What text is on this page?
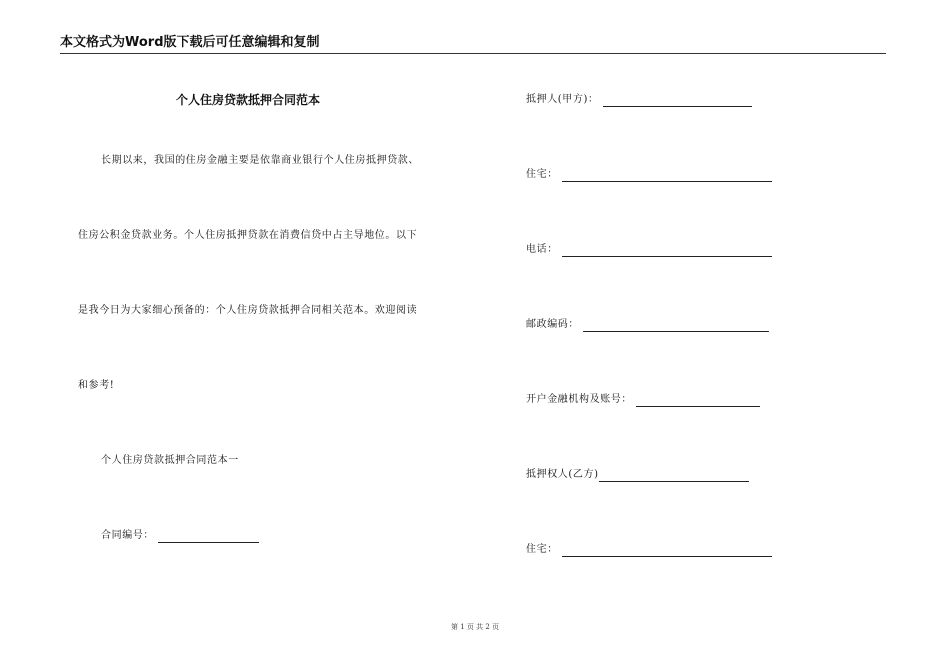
本文格式为Word版下载后可任意编辑和复制
个人住房贷款抵押合同范本
长期以来，我国的住房金融主要是依靠商业银行个人住房抵押贷款、
住房公积金贷款业务。个人住房抵押贷款在消费信贷中占主导地位。以下
是我今日为大家细心预备的：个人住房贷款抵押合同相关范本。欢迎阅读
和参考!
个人住房贷款抵押合同范本一
合同编号：
抵押人(甲方)：
住宅：
电话：
邮政编码：
开户金融机构及账号：
抵押权人(乙方)
住宅：
第 1 页 共 2 页
